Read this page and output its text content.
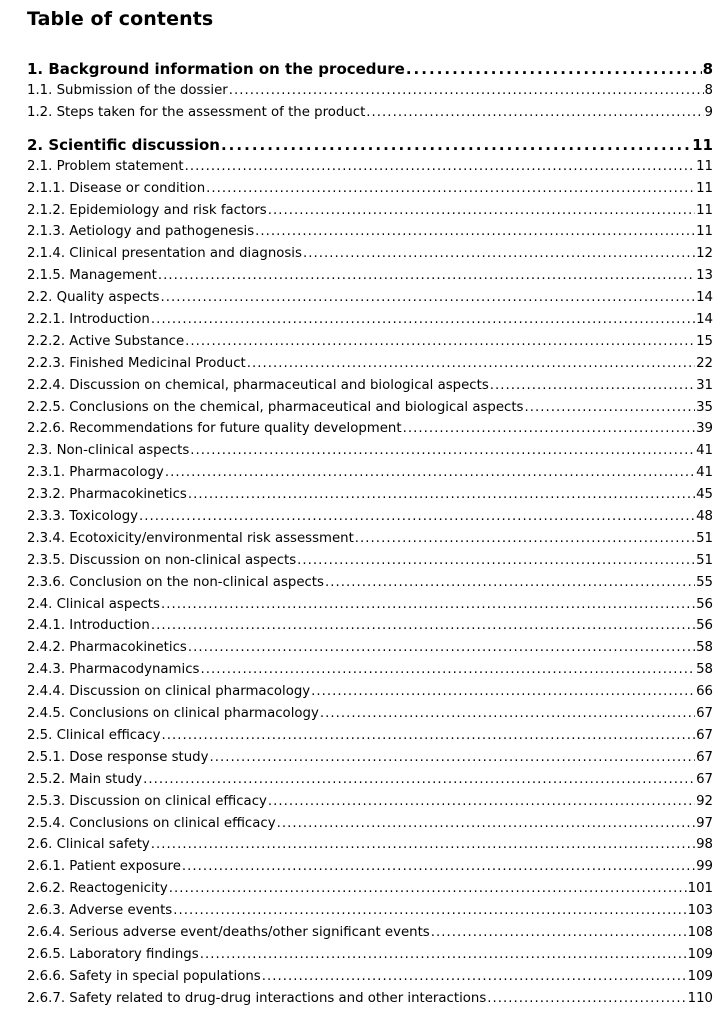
Table of contents
1. Background information on the procedure . . .	8
1.1. Submission of the dossier . . .	8
1.2. Steps taken for the assessment of the product . . .	9
2. Scientific discussion . . .	11
2.1. Problem statement . . .	11
2.1.1. Disease or condition . . .	11
2.1.2. Epidemiology and risk factors . . .	11
2.1.3. Aetiology and pathogenesis . . .	11
2.1.4. Clinical presentation and diagnosis . . .	12
2.1.5. Management . . .	13
2.2. Quality aspects . . .	14
2.2.1. Introduction . . .	14
2.2.2. Active Substance . . .	15
2.2.3. Finished Medicinal Product . . .	22
2.2.4. Discussion on chemical, pharmaceutical and biological aspects . . .	31
2.2.5. Conclusions on the chemical, pharmaceutical and biological aspects . . .	35
2.2.6. Recommendations for future quality development . . .	39
2.3. Non-clinical aspects . . .	41
2.3.1. Pharmacology . . .	41
2.3.2. Pharmacokinetics . . .	45
2.3.3. Toxicology . . .	48
2.3.4. Ecotoxicity/environmental risk assessment . . .	51
2.3.5. Discussion on non-clinical aspects . . .	51
2.3.6. Conclusion on the non-clinical aspects . . .	55
2.4. Clinical aspects . . .	56
2.4.1. Introduction . . .	56
2.4.2. Pharmacokinetics . . .	58
2.4.3. Pharmacodynamics . . .	58
2.4.4. Discussion on clinical pharmacology . . .	66
2.4.5. Conclusions on clinical pharmacology . . .	67
2.5. Clinical efficacy . . .	67
2.5.1. Dose response study . . .	67
2.5.2. Main study . . .	67
2.5.3. Discussion on clinical efficacy . . .	92
2.5.4. Conclusions on clinical efficacy . . .	97
2.6. Clinical safety . . .	98
2.6.1. Patient exposure . . .	99
2.6.2. Reactogenicity . . .	101
2.6.3. Adverse events . . .	103
2.6.4. Serious adverse event/deaths/other significant events . . .	108
2.6.5. Laboratory findings . . .	109
2.6.6. Safety in special populations . . .	109
2.6.7. Safety related to drug-drug interactions and other interactions . . .	110
